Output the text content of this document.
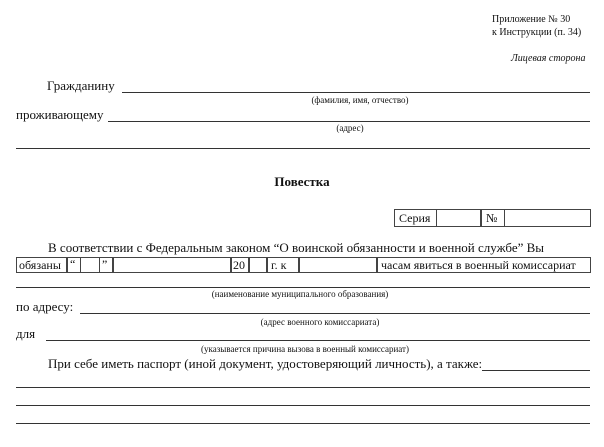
Приложение № 30
к Инструкции (п. 34)
Лицевая сторона
Гражданину
(фамилия, имя, отчество)
проживающему
(адрес)
Повестка
Серия	№
В соответствии с Федеральным законом “О воинской обязанности и военной службе” Вы
обязаны “ ”	20 г. к	часам явиться в военный комиссариат
(наименование муниципального образования)
по адресу:
(адрес военного комиссариата)
для
(указывается причина вызова в военный комиссариат)
При себе иметь паспорт (иной документ, удостоверяющий личность), а также:
